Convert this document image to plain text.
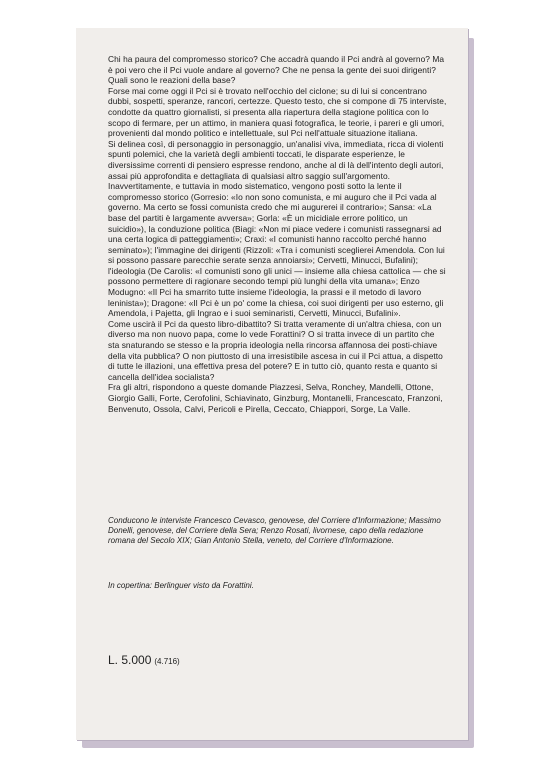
Chi ha paura del compromesso storico? Che accadrà quando il Pci andrà al governo? Ma è poi vero che il Pci vuole andare al governo? Che ne pensa la gente dei suoi dirigenti? Quali sono le reazioni della base?

Forse mai come oggi il Pci si è trovato nell'occhio del ciclone; su di lui si concentrano dubbi, sospetti, speranze, rancori, certezze. Questo testo, che si compone di 75 interviste, condotte da quattro giornalisti, si presenta alla riapertura della stagione politica con lo scopo di fermare, per un attimo, in maniera quasi fotografica, le teorie, i pareri e gli umori, provenienti dal mondo politico e intellettuale, sul Pci nell'attuale situazione italiana.

Si delinea così, di personaggio in personaggio, un'analisi viva, immediata, ricca di violenti spunti polemici, che la varietà degli ambienti toccati, le disparate esperienze, le diversissime correnti di pensiero espresse rendono, anche al di là dell'intento degli autori, assai più approfondita e dettagliata di qualsiasi altro saggio sull'argomento. Inavvertitamente, e tuttavia in modo sistematico, vengono posti sotto la lente il compromesso storico (Gorresio: «Io non sono comunista, e mi auguro che il Pci vada al governo. Ma certo se fossi comunista credo che mi augurerei il contrario»; Sansa: «La base del partiti è largamente avversa»; Gorla: «È un micidiale errore politico, un suicidio»), la conduzione politica (Biagi: «Non mi piace vedere i comunisti rassegnarsi ad una certa logica di patteggiamenti»; Craxi: «I comunisti hanno raccolto perché hanno seminato»); l'immagine dei dirigenti (Rizzoli: «Tra i comunisti sceglierei Amendola. Con lui si possono passare parecchie serate senza annoiarsi»; Cervetti, Minucci, Bufalini); l'ideologia (De Carolis: «I comunisti sono gli unici — insieme alla chiesa cattolica — che si possono permettere di ragionare secondo tempi più lunghi della vita umana»; Enzo Modugno: «Il Pci ha smarrito tutte insieme l'ideologia, la prassi e il metodo di lavoro leninista»); Dragone: «Il Pci è un po' come la chiesa, coi suoi dirigenti per uso esterno, gli Amendola, i Pajetta, gli Ingrao e i suoi seminaristi, Cervetti, Minucci, Bufalini».

Come uscirà il Pci da questo libro-dibattito? Si tratta veramente di un'altra chiesa, con un diverso ma non nuovo papa, come lo vede Forattini? O si tratta invece di un partito che sta snaturando se stesso e la propria ideologia nella rincorsa affannosa dei posti-chiave della vita pubblica? O non piuttosto di una irresistibile ascesa in cui il Pci attua, a dispetto di tutte le illazioni, una effettiva presa del potere? E in tutto ciò, quanto resta e quanto si cancella dell'idea socialista?

Fra gli altri, rispondono a queste domande Piazzesi, Selva, Ronchey, Mandelli, Ottone, Giorgio Galli, Forte, Cerofolini, Schiavinato, Ginzburg, Montanelli, Francescato, Franzoni, Benvenuto, Ossola, Calvi, Pericoli e Pirella, Ceccato, Chiappori, Sorge, La Valle.

Conducono le interviste Francesco Cevasco, genovese, del Corriere d'Informazione; Massimo Donelli, genovese, del Corriere della Sera; Renzo Rosati, livornese, capo della redazione romana del Secolo XIX; Gian Antonio Stella, veneto, del Corriere d'Informazione.
In copertina: Berlinguer visto da Forattini.
L. 5.000 (4.716)
